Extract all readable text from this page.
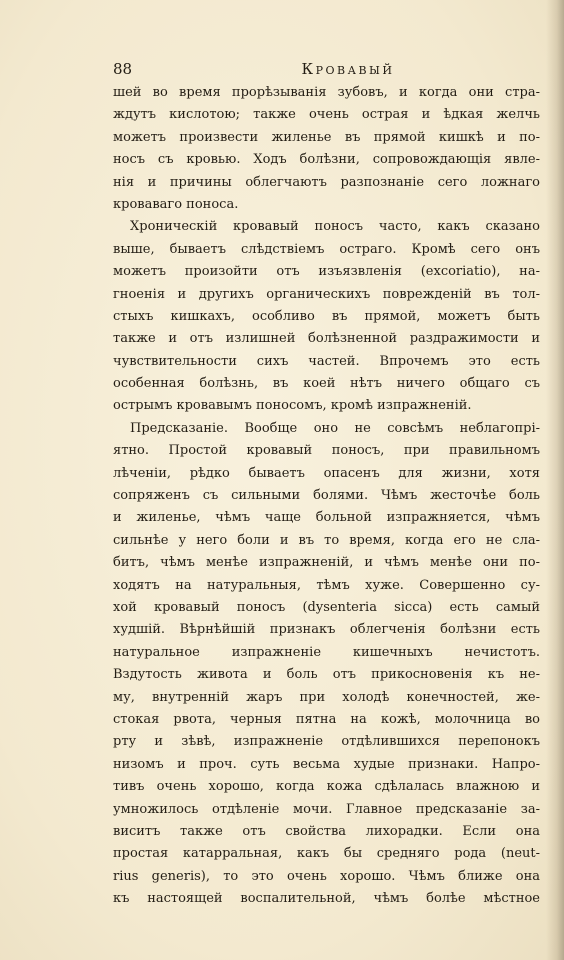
88	Кровавый
шей во время прорѣзыванія зубовъ, и когда они стра-
ждутъ кислотою; также очень острая и ѣдкая желчь
можетъ произвести жиленье въ прямой кишкѣ и по-
носъ съ кровью. Ходъ болѣзни, сопровождающія явле-
нія и причины облегчаютъ разпознаніе сего ложнаго
кроваваго поноса.
Хроническій кровавый поносъ часто, какъ сказано
выше, бываетъ слѣдствіемъ остраго. Кромѣ сего онъ
можетъ произойти отъ изъязвленія (excoriatio), на-
гноенія и другихъ органическихъ поврежденій въ тол-
стыхъ кишкахъ, особливо въ прямой, можетъ быть
также и отъ излишней болѣзненной раздражимости и
чувствительности сихъ частей. Впрочемъ это есть
особенная болѣзнь, въ коей нѣтъ ничего общаго съ
острымъ кровавымъ поносомъ, кромѣ изпражненій.
Предсказаніе. Вообще оно не совсѣмъ неблагопрі-
ятно. Простой кровавый поносъ, при правильномъ
лѣченіи, рѣдко бываетъ опасенъ для жизни, хотя
сопряженъ съ сильными болями. Чѣмъ жесточѣе боль
и жиленье, чѣмъ чаще больной изпражняется, чѣмъ
сильнѣе у него боли и въ то время, когда его не сла-
битъ, чѣмъ менѣе изпражненій, и чѣмъ менѣе они по-
ходятъ на натуральныя, тѣмъ хуже. Совершенно су-
хой кровавый поносъ (dysenteria sicca) есть самый
худшій. Вѣрнѣйшій признакъ облегченія болѣзни есть
натуральное изпражненіе кишечныхъ нечистотъ.
Вздутость живота и боль отъ прикосновенія къ не-
му, внутренній жаръ при холодѣ конечностей, же-
стокая рвота, черныя пятна на кожѣ, молочница во
рту и зѣвѣ, изпражненіе отдѣлившихся перепонокъ
низомъ и проч. суть весьма худые признаки. Напро-
тивъ очень хорошо, когда кожа сдѣлалась влажною и
умножилось отдѣленіе мочи. Главное предсказаніе за-
виситъ также отъ свойства лихорадки. Если она
простая катарральная, какъ бы средняго рода (neut-
rius generis), то это очень хорошо. Чѣмъ ближе она
къ настоящей воспалительной, чѣмъ болѣе мѣстное
